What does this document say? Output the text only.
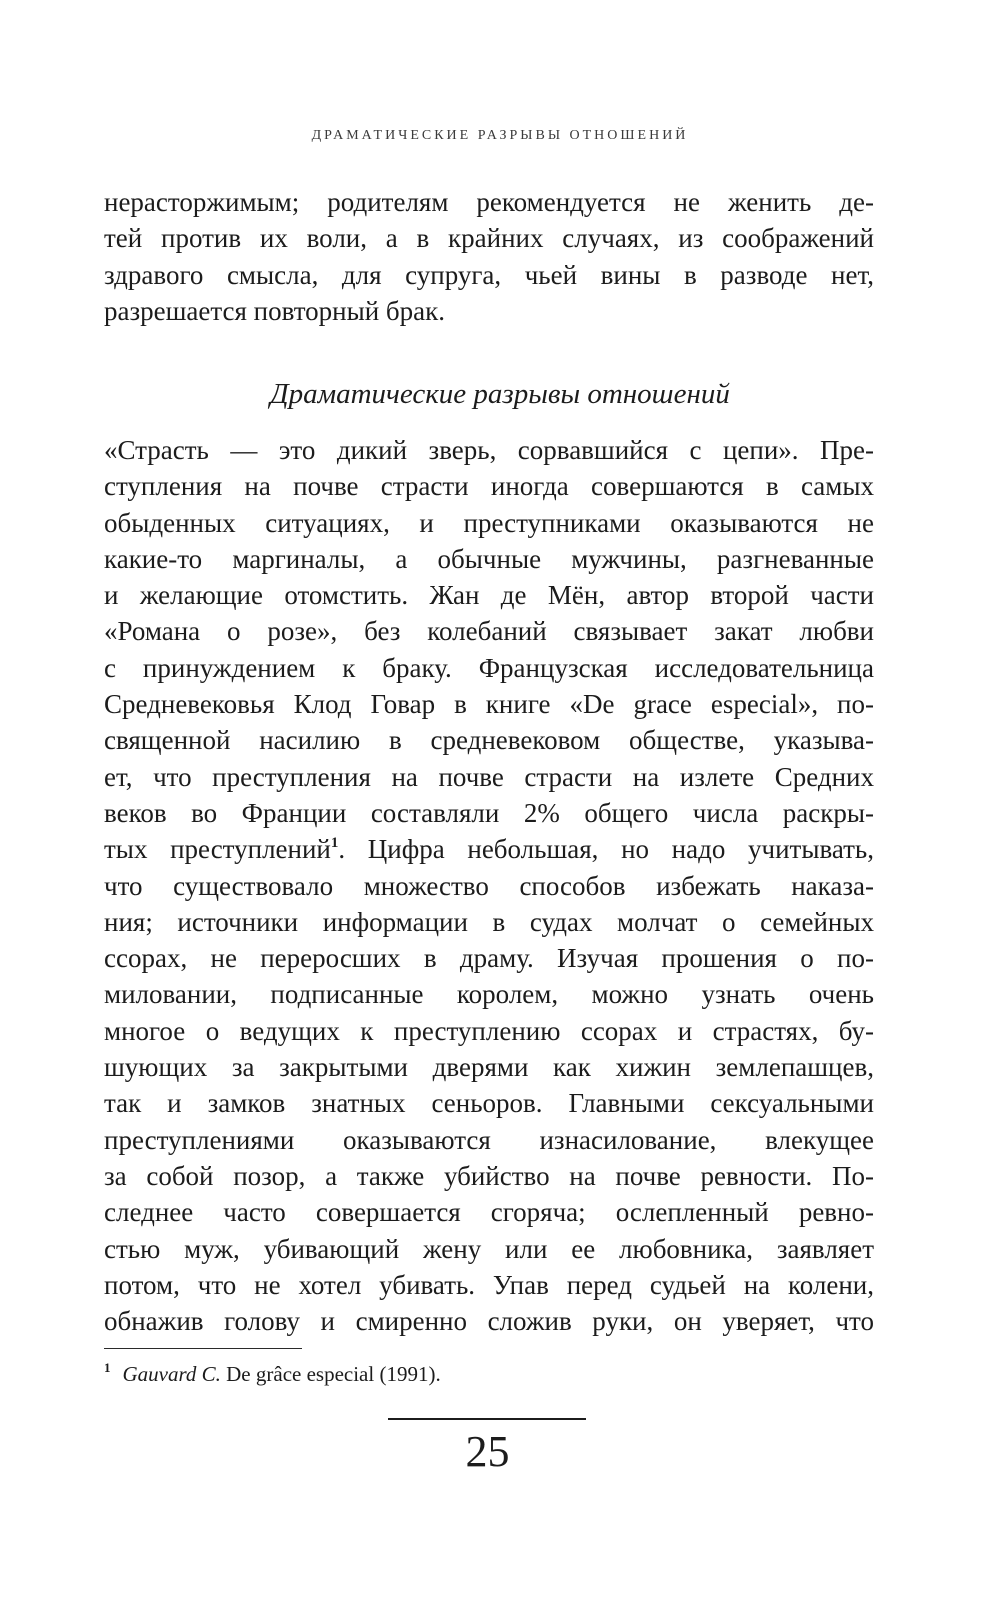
ДРАМАТИЧЕСКИЕ РАЗРЫВЫ ОТНОШЕНИЙ
нерасторжимым; родителям рекомендуется не женить де-
тей против их воли, а в крайних случаях, из соображений
здравого смысла, для супруга, чьей вины в разводе нет,
разрешается повторный брак.
Драматические разрывы отношений
«Страсть — это дикий зверь, сорвавшийся с цепи». Пре-
ступления на почве страсти иногда совершаются в самых
обыденных ситуациях, и преступниками оказываются не
какие-то маргиналы, а обычные мужчины, разгневанные
и желающие отомстить. Жан де Мён, автор второй части
«Романа о розе», без колебаний связывает закат любви
с принуждением к браку. Французская исследовательница
Средневековья Клод Говар в книге «De grace especial», по-
священной насилию в средневековом обществе, указыва-
ет, что преступления на почве страсти на излете Средних
веков во Франции составляли 2% общего числа раскры-
тых преступлений$^1$. Цифра небольшая, но надо учитывать,
что существовало множество способов избежать наказа-
ния; источники информации в судах молчат о семейных
ссорах, не переросших в драму. Изучая прошения о по-
миловании, подписанные королем, можно узнать очень
многое о ведущих к преступлению ссорах и страстях, бу-
шующих за закрытыми дверями как хижин землепашцев,
так и замков знатных сеньоров. Главными сексуальными
преступлениями оказываются изнасилование, влекущее
за собой позор, а также убийство на почве ревности. По-
следнее часто совершается сгоряча; ослепленный ревно-
стью муж, убивающий жену или ее любовника, заявляет
потом, что не хотел убивать. Упав перед судьей на колени,
обнажив голову и смиренно сложив руки, он уверяет, что
$^1$ Gauvard C. De grâce especial (1991).
25
